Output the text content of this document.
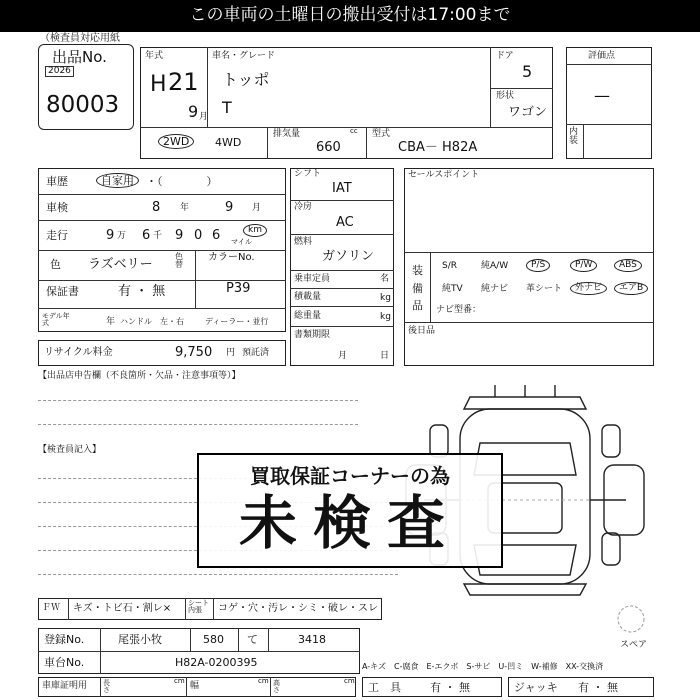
この車両の土曜日の搬出受付は17:00まで
（検査員対応用紙
出品No.
2026
80003
年式
H 21
9 月
車名・グレード
トッポ
T
ドア
5
形状
ワゴン
2WD	4WD
排気量	cc
660
型式
CBA－ H82A
評価点
—
内装
車歴	自家用	・（　　　　）
車検	8 年	9 月
走行	9 万 6 千 9 0 6	km
マイル
色 ラズベリー
色替
カラーNo.
P39
保証書	有 ・ 無
モデル年式	年 ハンドル　左・右	ディーラー・並行
リサイクル料金	9,750 円 預託済
シフト
IAT
冷房
AC
燃料
ガソリン
乗車定員	名
積載量	kg
総重量	kg
書類期限
月	日
セールスポイント
装備品
S/R	純A/W	P/S	P/W	ABS
純TV 純ナビ 革シート	外ナビ	エアB
ナビ型番：
後日品
【出品店申告欄（不良箇所・欠品・注意事項等）】
【検査員記入】
スペア
買取保証コーナーの為
未検査
ＦＷ キズ・トビ石・割レ× シート内張	コゲ・穴・汚レ・シミ・破レ・スレ
登録No.	尾張小牧	580 て	3418
車台No.	H82A-0200395
車庫証明用 長さ
cm 幅	cm 高さ
cm
A-キズ　C-腐食　E-エクボ　S-サビ　U-凹ミ　W-補修　XX-交換済
工　具	有 ・ 無	ジャッキ 有 ・ 無
